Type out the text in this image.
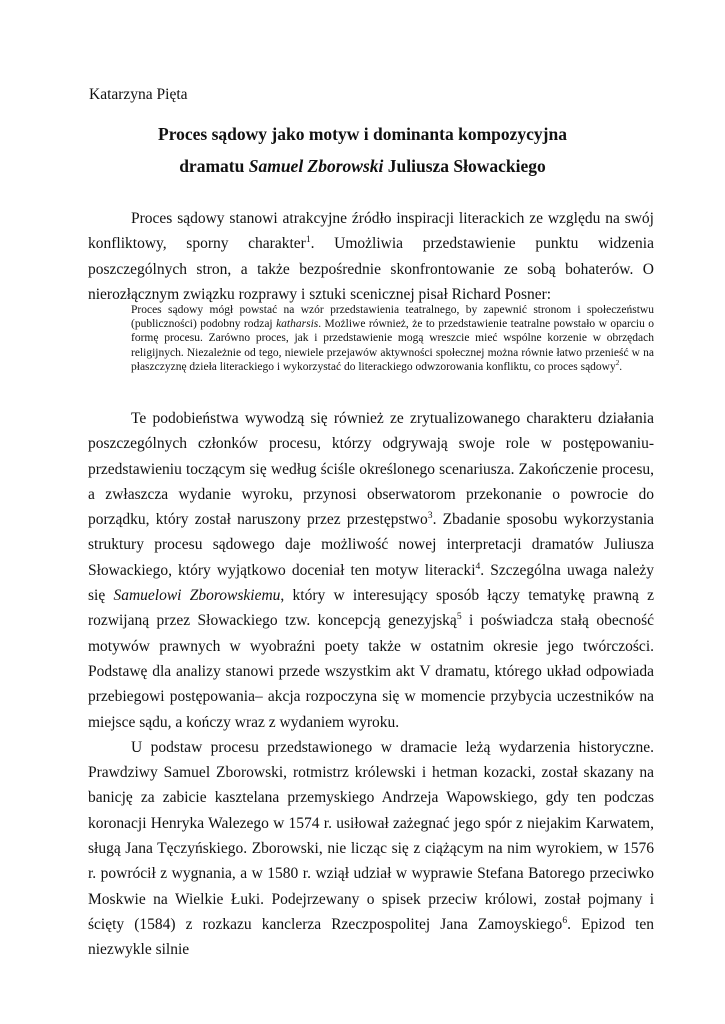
Katarzyna Pięta
Proces sądowy jako motyw i dominanta kompozycyjna
dramatu Samuel Zborowski Juliusza Słowackiego

Proces sądowy stanowi atrakcyjne źródło inspiracji literackich ze względu na swój konfliktowy, sporny charakter$^1$. Umożliwia przedstawienie punktu widzenia poszczególnych stron, a także bezpośrednie skonfrontowanie ze sobą bohaterów. O nierozłącznym związku rozprawy i sztuki scenicznej pisał Richard Posner:

Proces sądowy mógł powstać na wzór przedstawienia teatralnego, by zapewnić stronom i społeczeństwu (publiczności) podobny rodzaj katharsis. Możliwe również, że to przedstawienie teatralne powstało w oparciu o formę procesu. Zarówno proces, jak i przedstawienie mogą wreszcie mieć wspólne korzenie w obrzędach religijnych. Niezależnie od tego, niewiele przejawów aktywności społecznej można równie łatwo przenieść w na płaszczyznę dzieła literackiego i wykorzystać do literackiego odwzorowania konfliktu, co proces sądowy$^2$.

Te podobieństwa wywodzą się również ze zrytualizowanego charakteru działania poszczególnych członków procesu, którzy odgrywają swoje role w postępowaniu-przedstawieniu toczącym się według ściśle określonego scenariusza. Zakończenie procesu, a zwłaszcza wydanie wyroku, przynosi obserwatorom przekonanie o powrocie do porządku, który został naruszony przez przestępstwo$^3$. Zbadanie sposobu wykorzystania struktury procesu sądowego daje możliwość nowej interpretacji dramatów Juliusza Słowackiego, który wyjątkowo doceniał ten motyw literacki$^4$. Szczególna uwaga należy się Samuelowi Zborowskiemu, który w interesujący sposób łączy tematykę prawną z rozwijaną przez Słowackiego tzw. koncepcją genezyjską$^5$ i poświadcza stałą obecność motywów prawnych w wyobraźni poety także w ostatnim okresie jego twórczości. Podstawę dla analizy stanowi przede wszystkim akt V dramatu, którego układ odpowiada przebiegowi postępowania– akcja rozpoczyna się w momencie przybycia uczestników na miejsce sądu, a kończy wraz z wydaniem wyroku.

U podstaw procesu przedstawionego w dramacie leżą wydarzenia historyczne. Prawdziwy Samuel Zborowski, rotmistrz królewski i hetman kozacki, został skazany na banicję za zabicie kasztelana przemyskiego Andrzeja Wapowskiego, gdy ten podczas koronacji Henryka Walezego w 1574 r. usiłował zażegnać jego spór z niejakim Karwatem, sługą Jana Tęczyńskiego. Zborowski, nie licząc się z ciążącym na nim wyrokiem, w 1576 r. powrócił z wygnania, a w 1580 r. wziął udział w wyprawie Stefana Batorego przeciwko Moskwie na Wielkie Łuki. Podejrzewany o spisek przeciw królowi, został pojmany i ścięty (1584) z rozkazu kanclerza Rzeczpospolitej Jana Zamoyskiego$^6$. Epizod ten niezwykle silnie
